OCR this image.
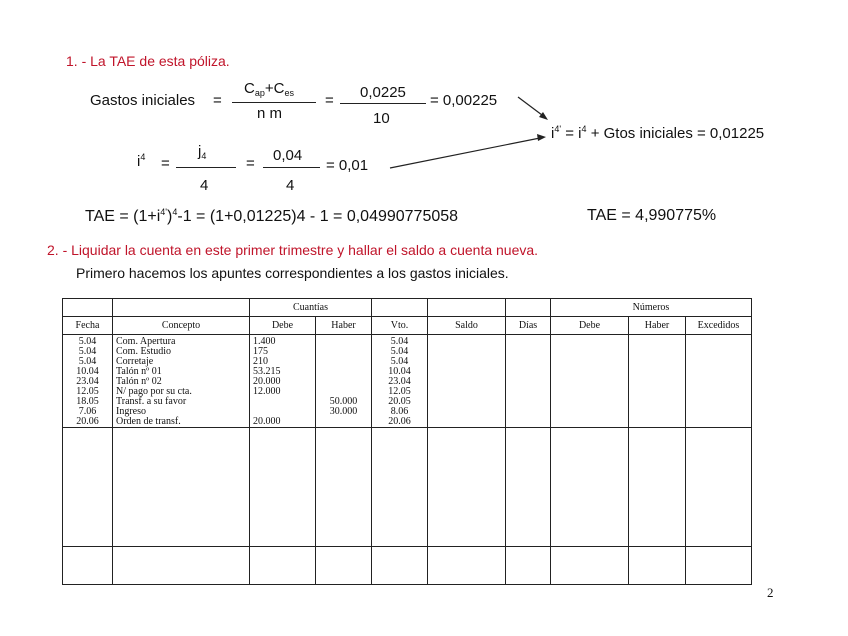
1. - La TAE de esta póliza.
Gastos iniciales =
$C_{ap}+C_{es}$
n m
= 0,0225
10
= 0,00225
$i^4$ =
$j_4$
4
= 0,04
4
= 0,01
$i^{4'} = i^4$ + Gtos iniciales = 0,01225
TAE = $(1+i^{4'})^4-1 = (1+0,01225)4 - 1 = 0,04990775058$	TAE = 4,990775%
2. - Liquidar la cuenta en este primer trimestre y hallar el saldo a cuenta nueva.
Primero hacemos los apuntes correspondientes a los gastos iniciales.
		Cuantías					Números		
Fecha	Concepto	Debe	Haber	Vto.	Saldo	Días	Debe	Haber	Excedidos
5.04	Com. Apertura	1.400		5.04					
5.04	Com. Estudio	175		5.04					
5.04	Corretaje	210		5.04					
10.04	Talón nº 01	53.215		10.04					
23.04	Talón nº 02	20.000		23.04					
12.05	N/ pago por su cta.	12.000		12.05					
18.05	Transf. a su favor		50.000	20.05					
7.06	Ingreso		30.000	8.06					
20.06	Orden de transf.	20.000		20.06					

2
